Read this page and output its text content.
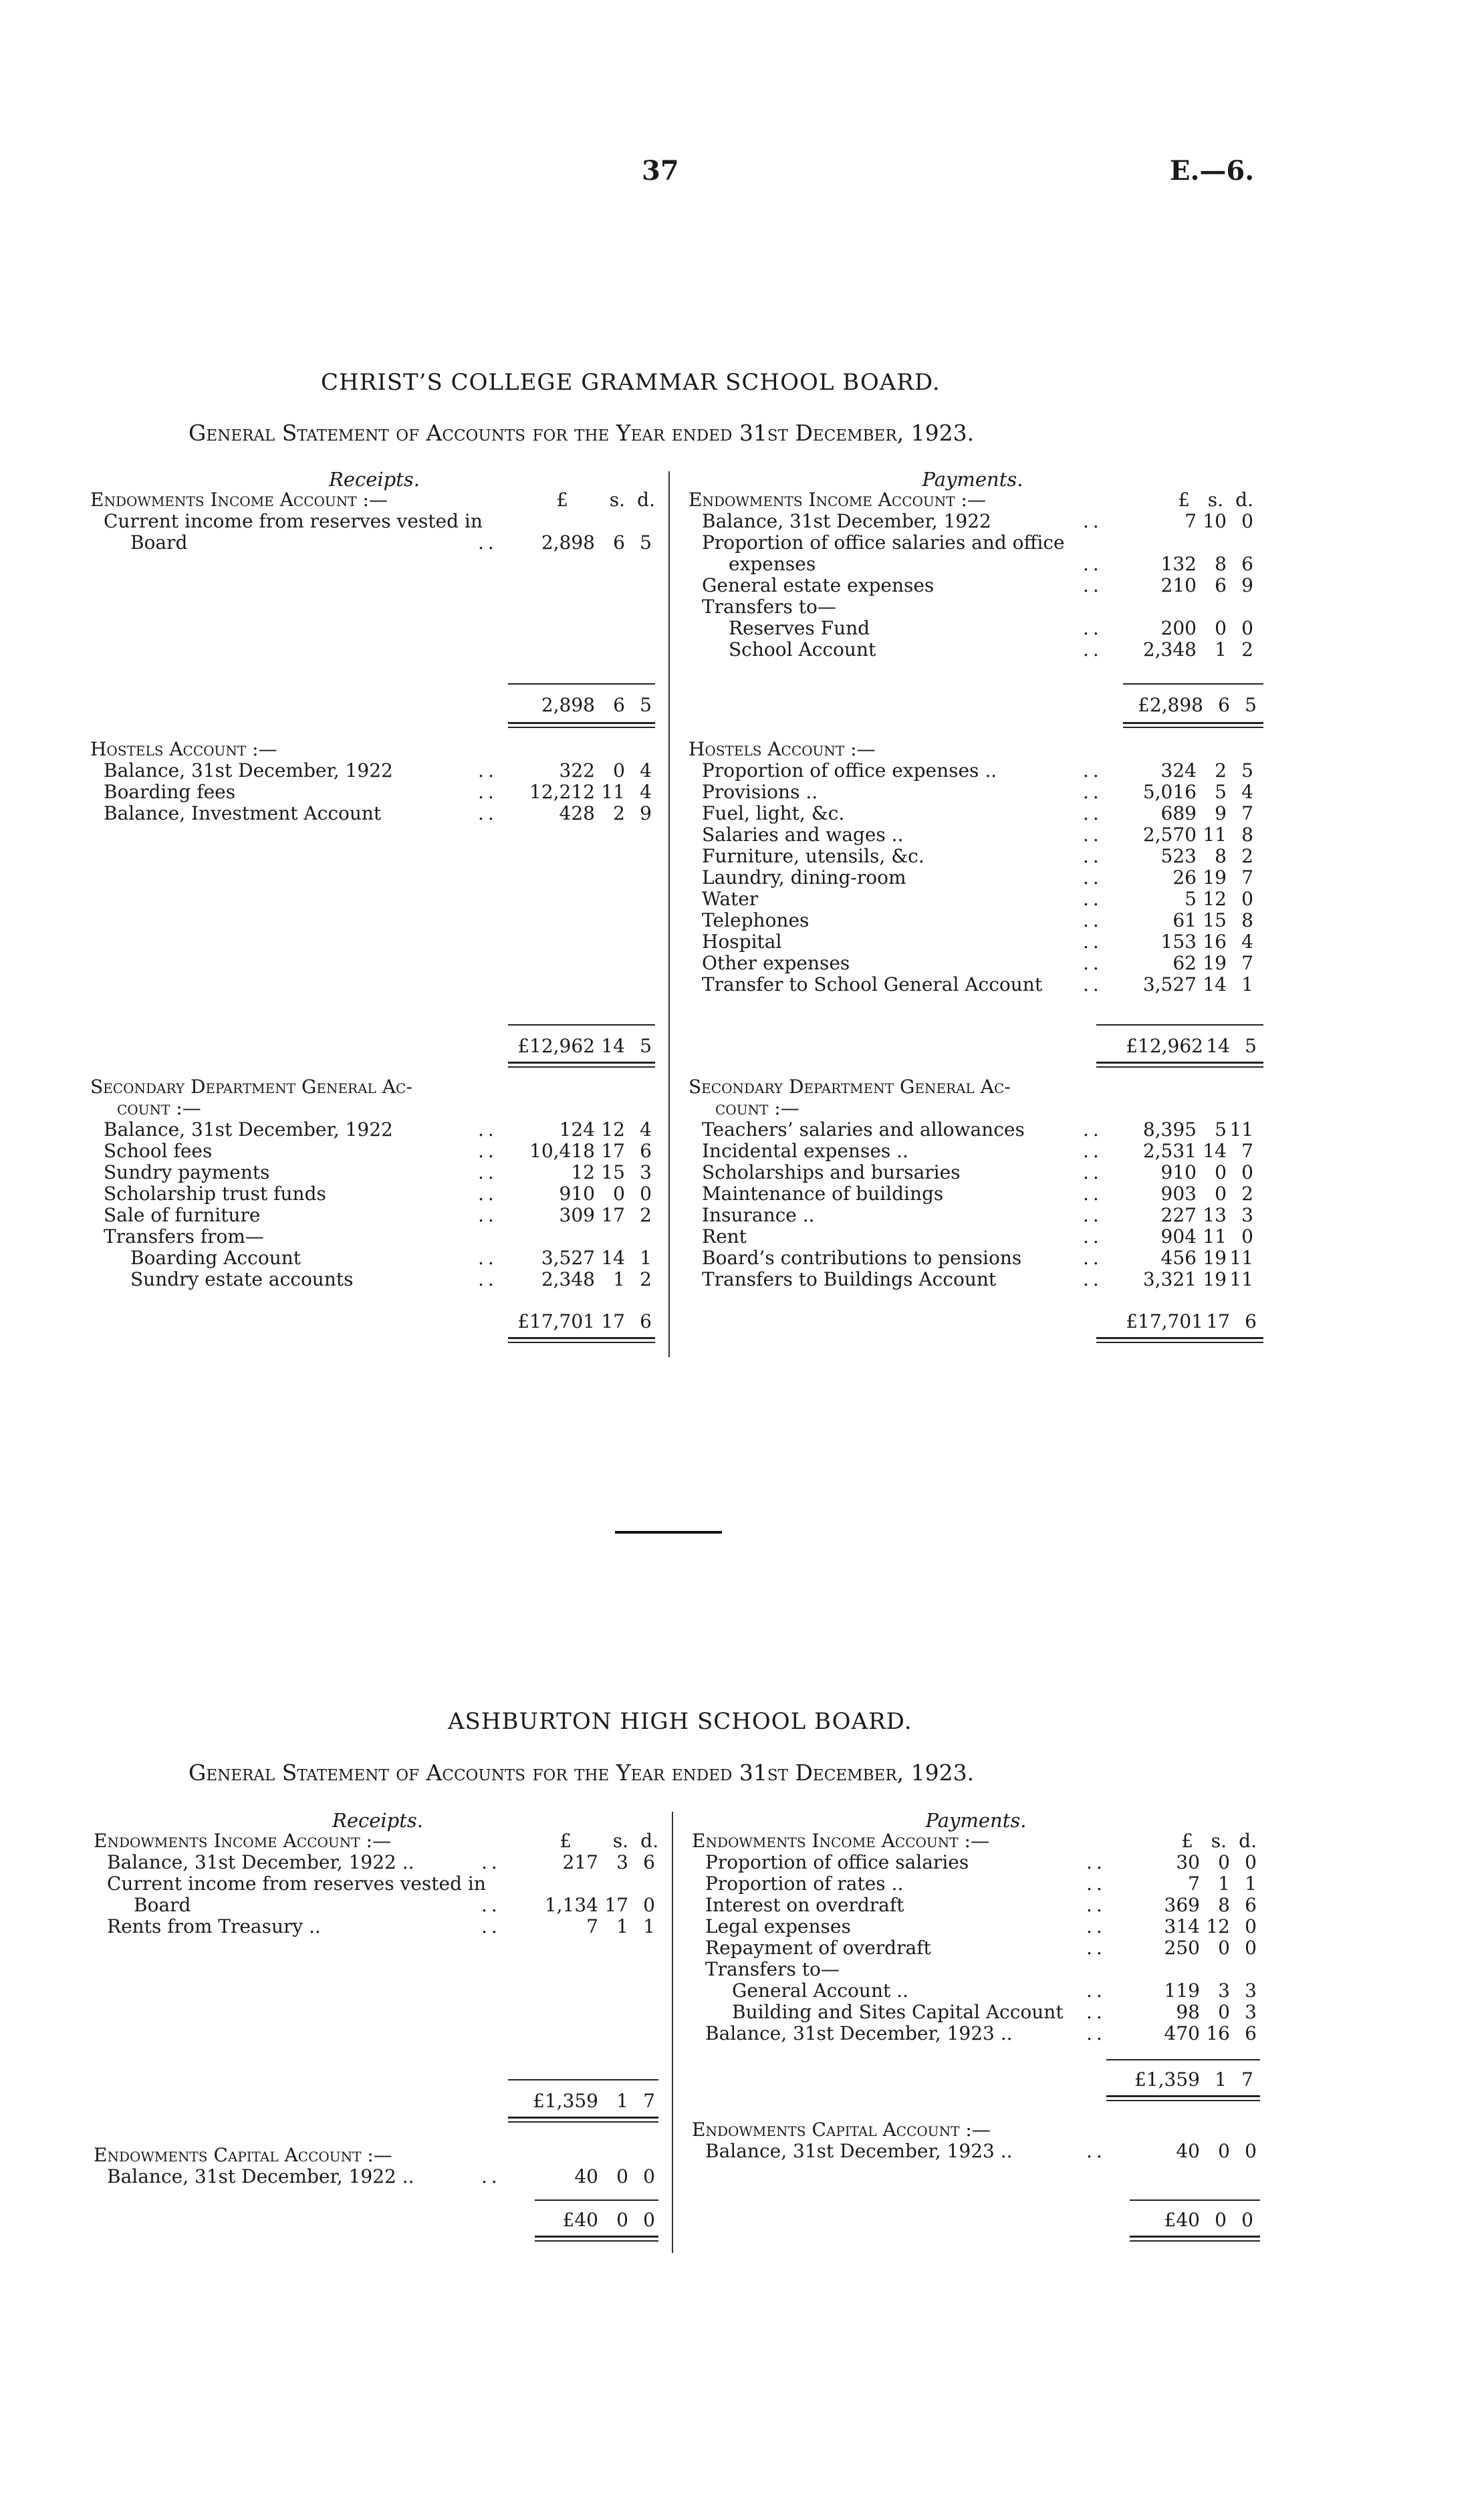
37	E.—6.
CHRIST’S COLLEGE GRAMMAR SCHOOL BOARD.
General Statement of Accounts for the Year ended 31st December, 1923.
Receipts.
Endowments Income Account :—	£	s. d.
Current income from reserves vested in
Board	..	2,898 6 5
Payments.
Endowments Income Account :—	£ s. d.
Balance, 31st December, 1922	..	7 10 0
Proportion of office salaries and office
expenses	..	132 8 6
General estate expenses	..	210 6 9
Transfers to—
Reserves Fund	..	200 0 0
School Account	..	2,348 1 2
2,898 6 5	£2,898 6 5
Hostels Account :—
Balance, 31st December, 1922	..	322 0 4
Boarding fees	..	12,212 11 4
Balance, Investment Account	..	428 2 9
Hostels Account :—
Proportion of office expenses ..	..	324 2 5
Provisions ..	..	5,016 5 4
Fuel, light, &c.	..	689 9 7
Salaries and wages ..	..	2,570 11 8
Furniture, utensils, &c.	..	523 8 2
Laundry, dining-room	..	26 19 7
Water	..	5 12 0
Telephones	..	61 15 8
Hospital	..	153 16 4
Other expenses	..	62 19 7
Transfer to School General Account ..	3,527 14 1
£12,962 14 5	£12,962 14 5
Secondary Department General Ac-
count :—
Balance, 31st December, 1922	..	124 12 4
School fees	..	10,418 17 6
Sundry payments	..	12 15 3
Scholarship trust funds	..	910 0 0
Sale of furniture	..	309 17 2
Transfers from—
Boarding Account	..	3,527 14 1
Sundry estate accounts	..	2,348 1 2
Secondary Department General Ac-
count :—
Teachers’ salaries and allowances	..	8,395 5 11
Incidental expenses ..	..	2,531 14 7
Scholarships and bursaries	..	910 0 0
Maintenance of buildings	..	903 0 2
Insurance ..	..	227 13 3
Rent	..	904 11 0
Board’s contributions to pensions	..	456 19 11
Transfers to Buildings Account	..	3,321 19 11
£17,701 17 6	£17,701 17 6
ASHBURTON HIGH SCHOOL BOARD.
General Statement of Accounts for the Year ended 31st December, 1923.
Receipts.
Endowments Income Account :—	£	s. d.
Balance, 31st December, 1922 ..	..	217 3 6
Current income from reserves vested in
Board	..	1,134 17 0
Rents from Treasury ..	..	7 1 1
Payments.
Endowments Income Account :—	£ s. d.
Proportion of office salaries	..	30 0 0
Proportion of rates ..	..	7 1 1
Interest on overdraft	..	369 8 6
Legal expenses	..	314 12 0
Repayment of overdraft	..	250 0 0
Transfers to—
General Account ..	..	119 3 3
Building and Sites Capital Account ..	98 0 3
Balance, 31st December, 1923 ..	..	470 16 6
£1,359 1 7
£1,359 1 7
Endowments Capital Account :—
Balance, 31st December, 1922 ..	..	40 0 0
Endowments Capital Account :—
Balance, 31st December, 1923 ..	..	40 0 0
£40 0 0	£40 0 0
